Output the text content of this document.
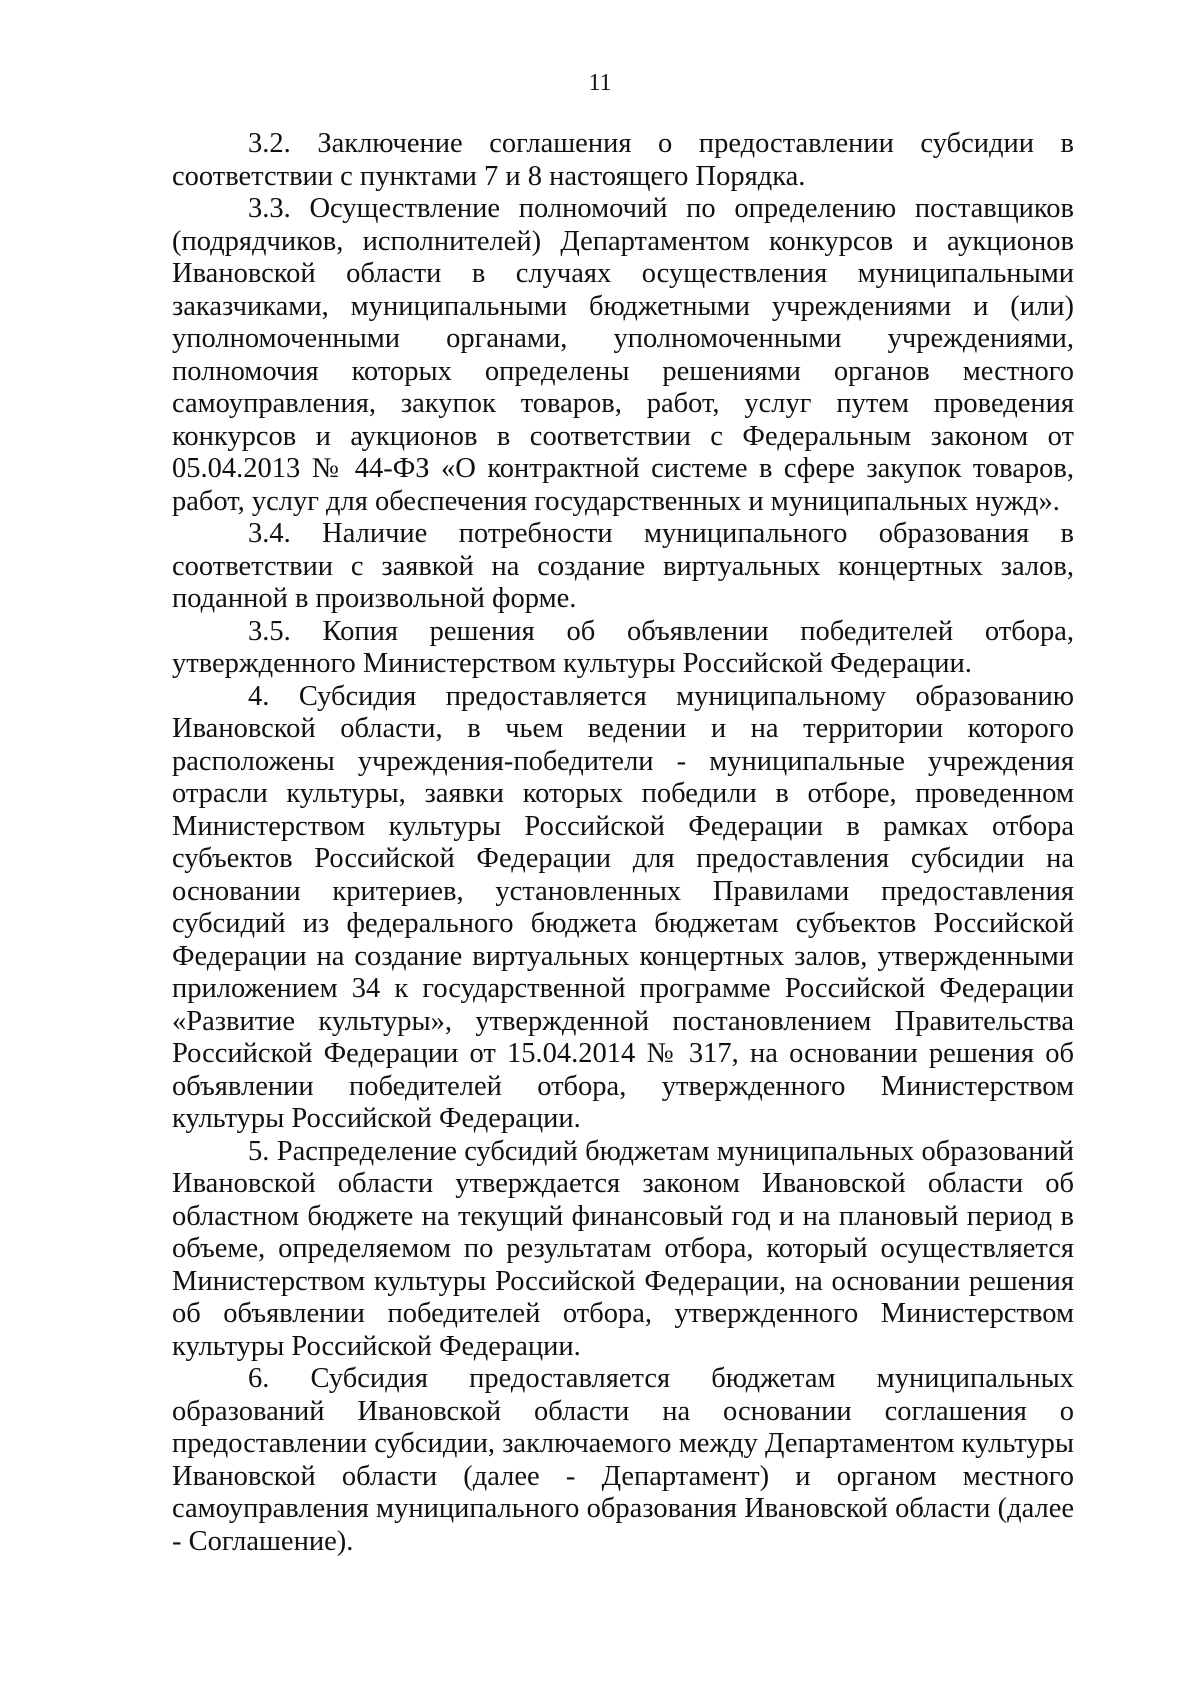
11

3.2. Заключение соглашения о предоставлении субсидии в соответствии с пунктами 7 и 8 настоящего Порядка.

3.3. Осуществление полномочий по определению поставщиков (подрядчиков, исполнителей) Департаментом конкурсов и аукционов Ивановской области в случаях осуществления муниципальными заказчиками, муниципальными бюджетными учреждениями и (или) уполномоченными органами, уполномоченными учреждениями, полномочия которых определены решениями органов местного самоуправления, закупок товаров, работ, услуг путем проведения конкурсов и аукционов в соответствии с Федеральным законом от 05.04.2013 № 44-ФЗ «О контрактной системе в сфере закупок товаров, работ, услуг для обеспечения государственных и муниципальных нужд».

3.4. Наличие потребности муниципального образования в соответствии с заявкой на создание виртуальных концертных залов, поданной в произвольной форме.

3.5. Копия решения об объявлении победителей отбора, утвержденного Министерством культуры Российской Федерации.

4. Субсидия предоставляется муниципальному образованию Ивановской области, в чьем ведении и на территории которого расположены учреждения-победители - муниципальные учреждения отрасли культуры, заявки которых победили в отборе, проведенном Министерством культуры Российской Федерации в рамках отбора субъектов Российской Федерации для предоставления субсидии на основании критериев, установленных Правилами предоставления субсидий из федерального бюджета бюджетам субъектов Российской Федерации на создание виртуальных концертных залов, утвержденными приложением 34 к государственной программе Российской Федерации «Развитие культуры», утвержденной постановлением Правительства Российской Федерации от 15.04.2014 № 317, на основании решения об объявлении победителей отбора, утвержденного Министерством культуры Российской Федерации.

5. Распределение субсидий бюджетам муниципальных образований Ивановской области утверждается законом Ивановской области об областном бюджете на текущий финансовый год и на плановый период в объеме, определяемом по результатам отбора, который осуществляется Министерством культуры Российской Федерации, на основании решения об объявлении победителей отбора, утвержденного Министерством культуры Российской Федерации.

6. Субсидия предоставляется бюджетам муниципальных образований Ивановской области на основании соглашения о предоставлении субсидии, заключаемого между Департаментом культуры Ивановской области (далее - Департамент) и органом местного самоуправления муниципального образования Ивановской области (далее - Соглашение).
